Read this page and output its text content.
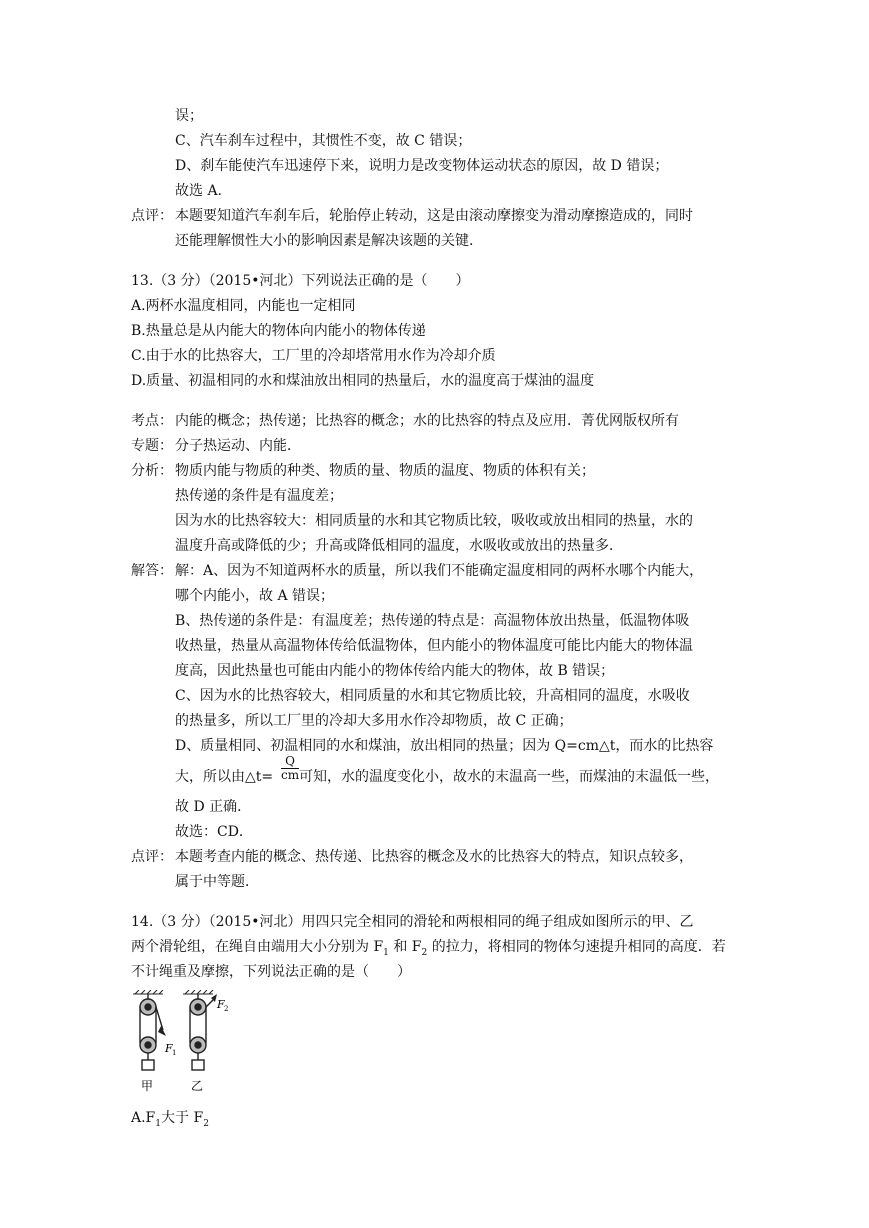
误；
C、汽车刹车过程中，其惯性不变，故 C 错误；
D、刹车能使汽车迅速停下来，说明力是改变物体运动状态的原因，故 D 错误；
故选 A.
点评： 本题要知道汽车刹车后，轮胎停止转动，这是由滚动摩擦变为滑动摩擦造成的，同时
还能理解惯性大小的影响因素是解决该题的关键.
13.（3 分）（2015•河北）下列说法正确的是（　　）
A.两杯水温度相同，内能也一定相同
B.热量总是从内能大的物体向内能小的物体传递
C.由于水的比热容大，工厂里的冷却塔常用水作为冷却介质
D.质量、初温相同的水和煤油放出相同的热量后，水的温度高于煤油的温度
考点： 内能的概念；热传递；比热容的概念；水的比热容的特点及应用．菁优网版权所有
专题： 分子热运动、内能．
分析： 物质内能与物质的种类、物质的量、物质的温度、物质的体积有关；
热传递的条件是有温度差；
因为水的比热容较大：相同质量的水和其它物质比较，吸收或放出相同的热量，水的
温度升高或降低的少；升高或降低相同的温度，水吸收或放出的热量多．
解答： 解：A、因为不知道两杯水的质量，所以我们不能确定温度相同的两杯水哪个内能大，
哪个内能小，故 A 错误；
B、热传递的条件是：有温度差；热传递的特点是：高温物体放出热量，低温物体吸
收热量，热量从高温物体传给低温物体，但内能小的物体温度可能比内能大的物体温
度高，因此热量也可能由内能小的物体传给内能大的物体，故 B 错误；
C、因为水的比热容较大，相同质量的水和其它物质比较，升高相同的温度，水吸收
的热量多，所以工厂里的冷却大多用水作冷却物质，故 C 正确；
D、质量相同、初温相同的水和煤油，放出相同的热量；因为 Q=cm△t，而水的比热容
大，所以由△t= $\frac{Q}{cm}$ 可知，水的温度变化小，故水的末温高一些，而煤油的末温低一些，
故 D 正确．
故选：CD．
点评： 本题考查内能的概念、热传递、比热容的概念及水的比热容大的特点，知识点较多，
属于中等题．
14.（3 分）（2015•河北）用四只完全相同的滑轮和两根相同的绳子组成如图所示的甲、乙
两个滑轮组，在绳自由端用大小分别为 $F_1$ 和 $F_2$ 的拉力，将相同的物体匀速提升相同的高度．若
不计绳重及摩擦，下列说法正确的是（　　）
F 1
F 2
甲	乙
$A.F_1$大于 $F_2$
